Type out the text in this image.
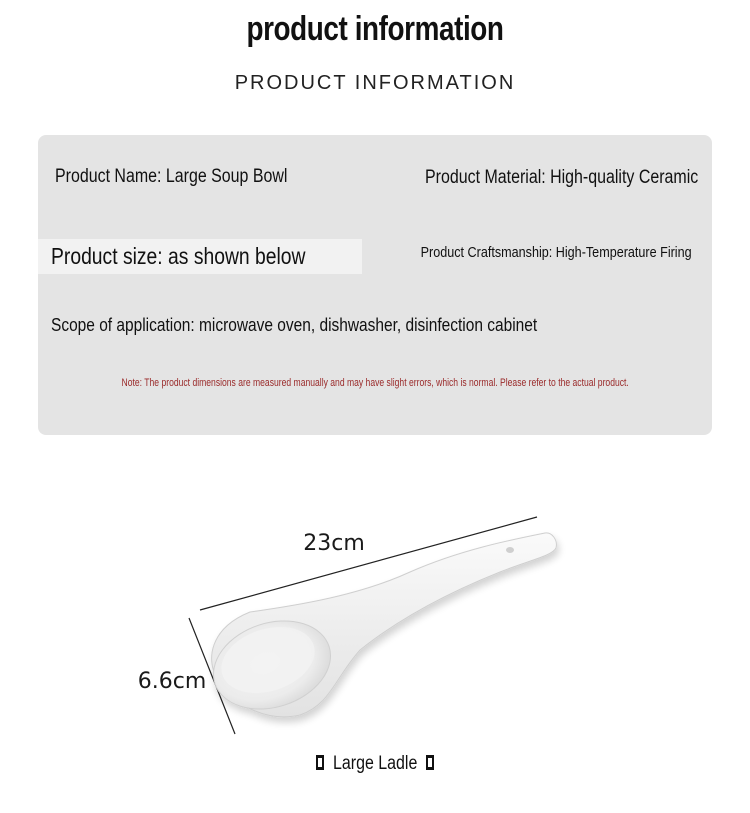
product information
PRODUCT INFORMATION
Product Name: Large Soup Bowl	Product Material: High-quality Ceramic
Product size: as shown below	Product Craftsmanship: High-Temperature Firing
Scope of application: microwave oven, dishwasher, disinfection cabinet
Note: The product dimensions are measured manually and may have slight errors, which is normal. Please refer to the actual product.
23cm
6.6cm
Large Ladle
